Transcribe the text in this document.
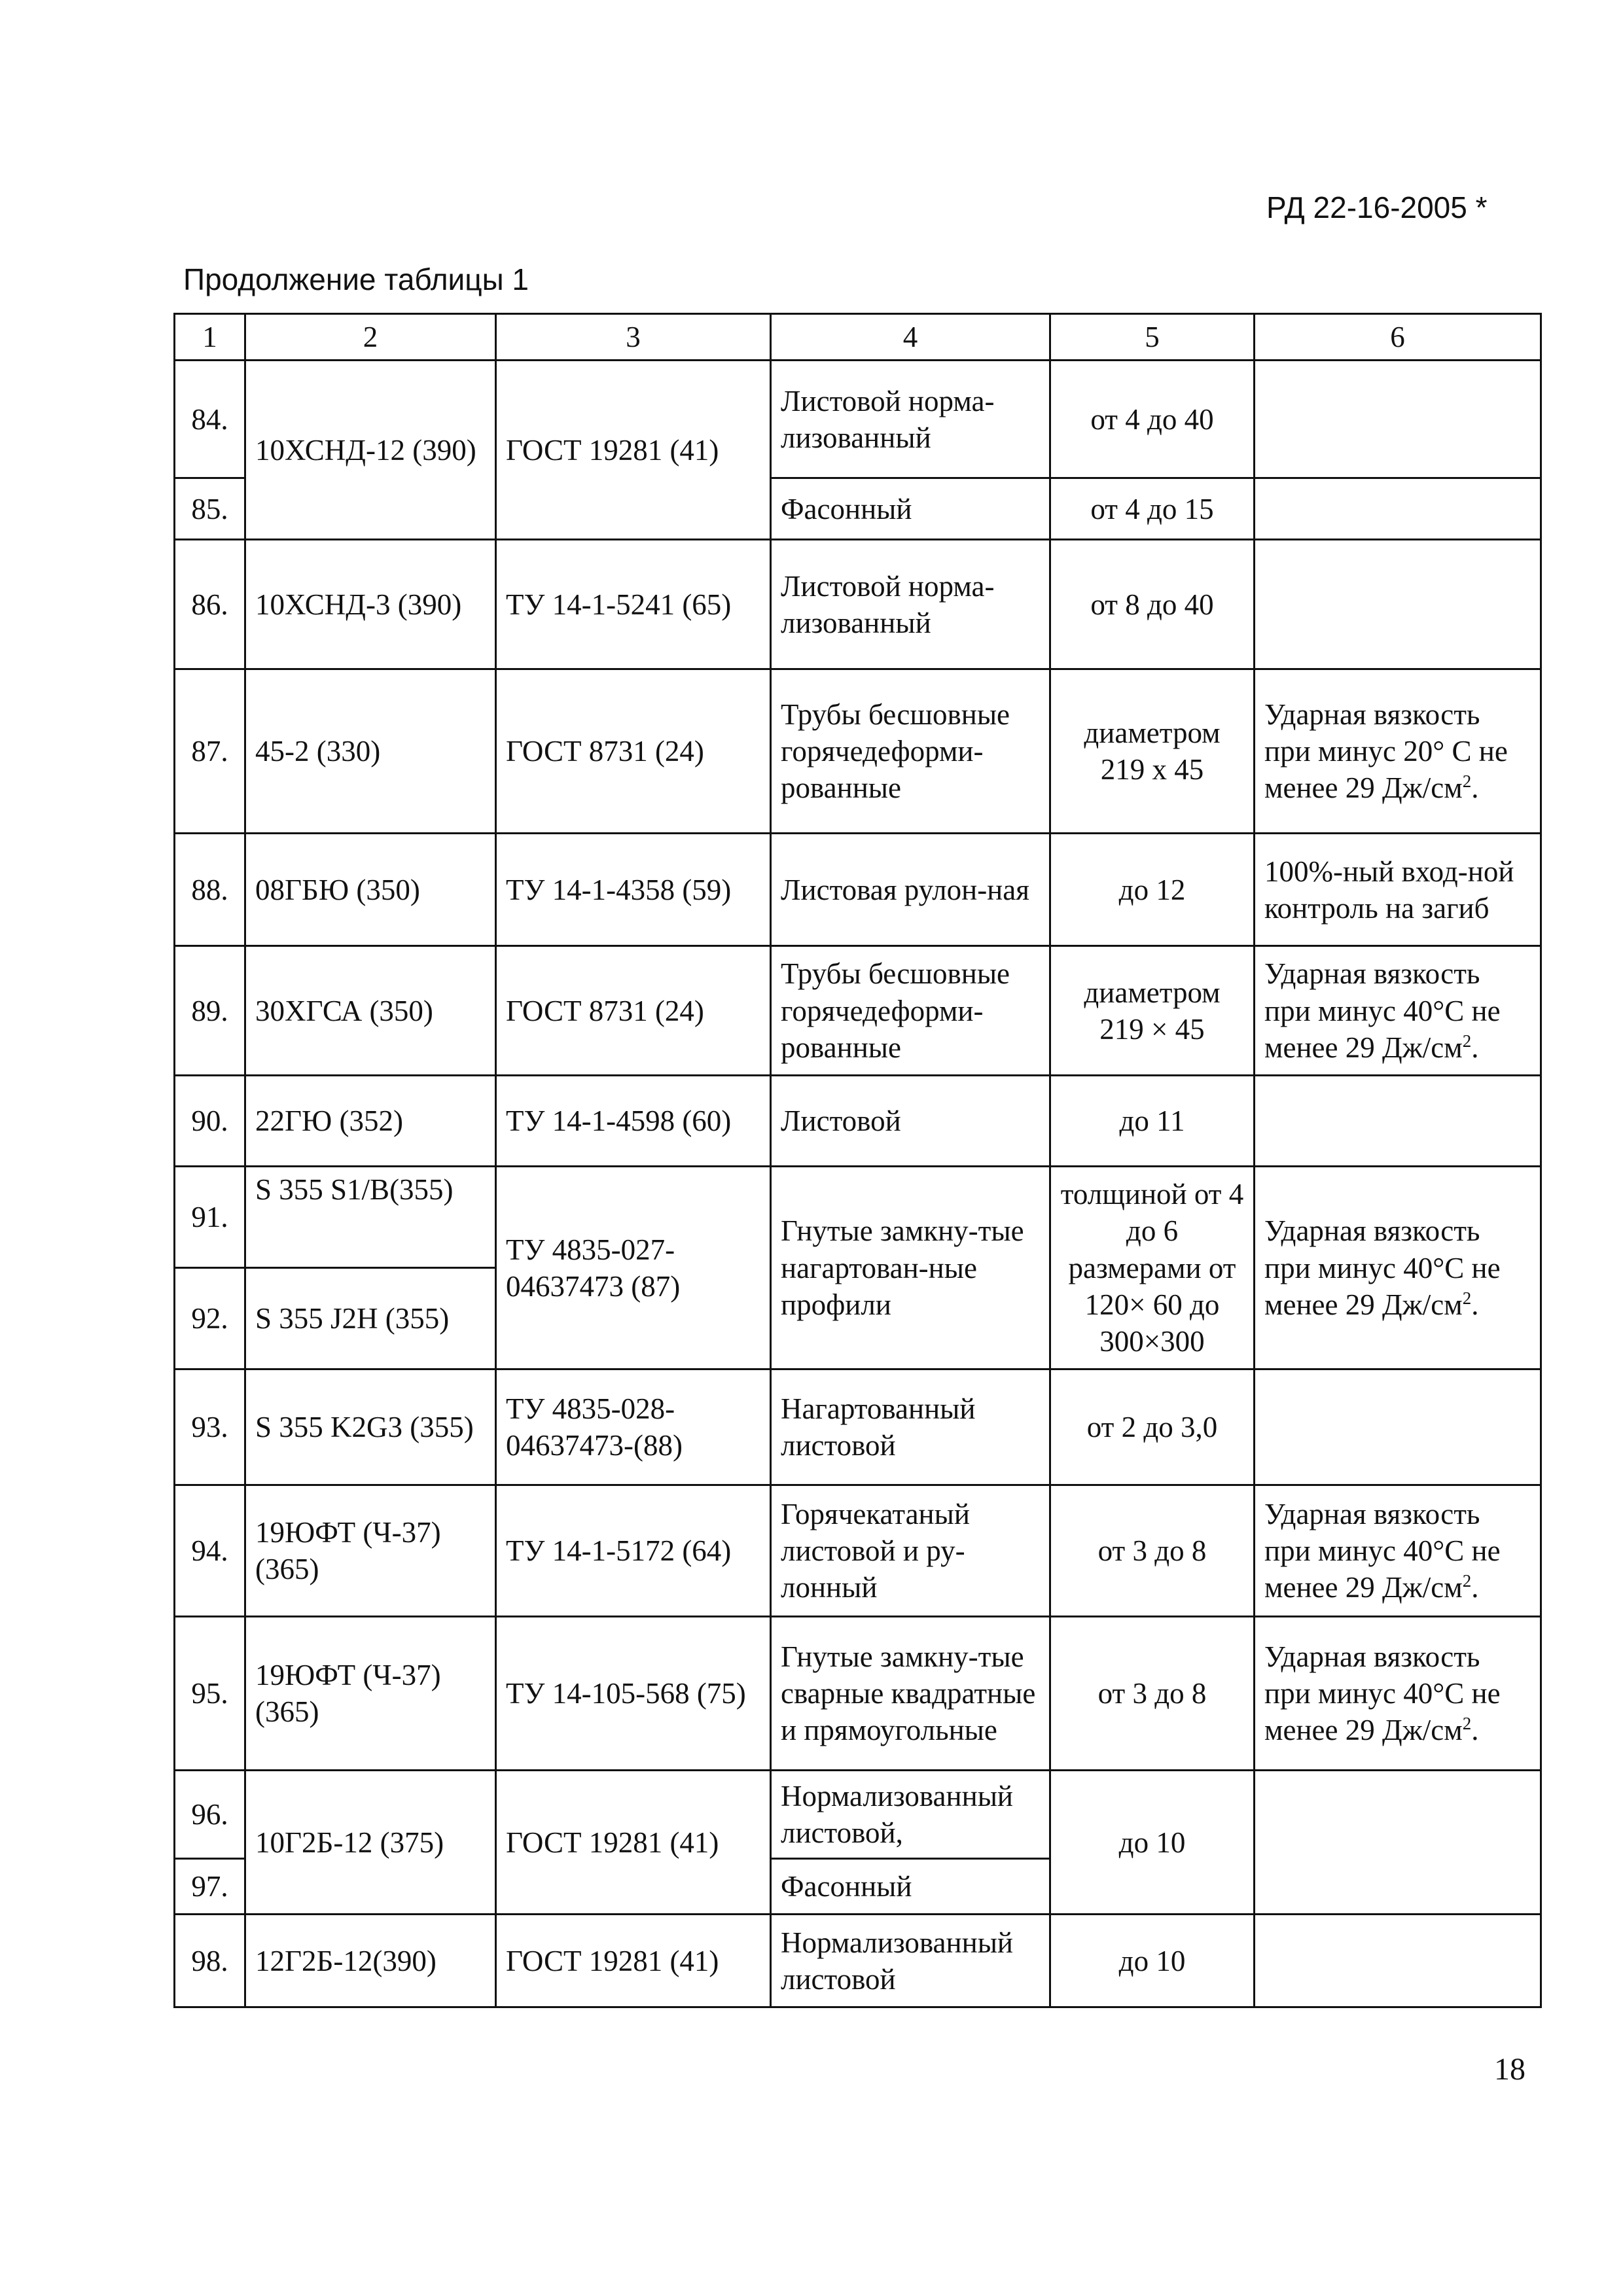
РД 22-16-2005 *
Продолжение таблицы 1
1	2	3	4	5	6
84.	10ХСНД-12 (390)	ГОСТ 19281 (41)	Листовой норма-лизованный	от 4 до 40	
85.			Фасонный	от 4 до 15	
86.	10ХСНД-3 (390)	ТУ 14-1-5241 (65)	Листовой норма-лизованный	от 8 до 40	
87.	45-2 (330)	ГОСТ 8731 (24)	Трубы бесшовные горячедеформи-рованные	диаметром 219 х 45	Ударная вязкость при минус 20° С не менее 29 $Дж/см^2$.
88.	08ГБЮ (350)	ТУ 14-1-4358 (59)	Листовая рулон-ная	до 12	100%-ный вход-ной контроль на загиб
89.	30ХГСА (350)	ГОСТ 8731 (24)	Трубы бесшовные горячедеформи-рованные	диаметром 219 × 45	Ударная вязкость при минус 40°С не менее 29 $Дж/см^2$.
90.	22ГЮ (352)	ТУ 14-1-4598 (60)	Листовой	до 11	
91.	S 355 S1/B(355)	ТУ 4835-027-04637473 (87)	Гнутые замкну-тые нагартован-ные профили	толщиной от 4 до 6 размерами от 120× 60 до 300×300	Ударная вязкость при минус 40°С не менее 29 $Дж/см^2$.
92.	S 355 J2H (355)				
93.	S 355 K2G3 (355)	ТУ 4835-028-04637473-(88)	Нагартованный листовой	от 2 до 3,0	
94.	19ЮФТ (Ч-37) (365)	ТУ 14-1-5172 (64)	Горячекатаный листовой и ру-лонный	от 3 до 8	Ударная вязкость при минус 40°С не менее 29 $Дж/см^2$.
95.	19ЮФТ (Ч-37) (365)	ТУ 14-105-568 (75)	Гнутые замкну-тые сварные квадратные и прямоугольные	от 3 до 8	Ударная вязкость при минус 40°С не менее 29 $Дж/см^2$.
96.	10Г2Б-12 (375)	ГОСТ 19281 (41)	Нормализованный листовой,	до 10	
97.			Фасонный		
98.	12Г2Б-12(390)	ГОСТ 19281 (41)	Нормализованный листовой	до 10	
18
